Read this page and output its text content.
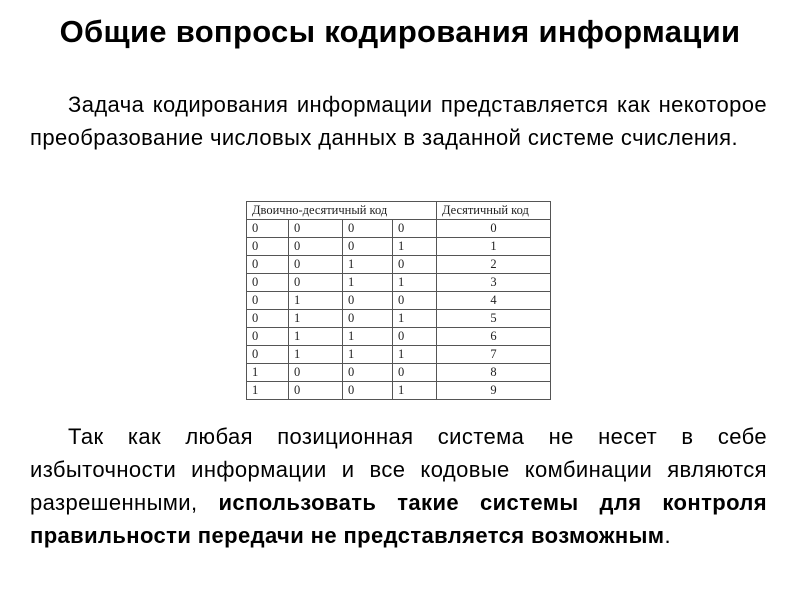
Общие вопросы кодирования информации

Задача кодирования информации представляется как некоторое преобразование числовых данных в заданной системе счисления.

Двоично-десятичный код				Десятичный код
0	0	0	0	0
0	0	0	1	1
0	0	1	0	2
0	0	1	1	3
0	1	0	0	4
0	1	0	1	5
0	1	1	0	6
0	1	1	1	7
1	0	0	0	8
1	0	0	1	9

Так как любая позиционная система не несет в себе избыточности информации и все кодовые комбинации являются разрешенными, использовать такие системы для контроля правильности передачи не представляется возможным.
